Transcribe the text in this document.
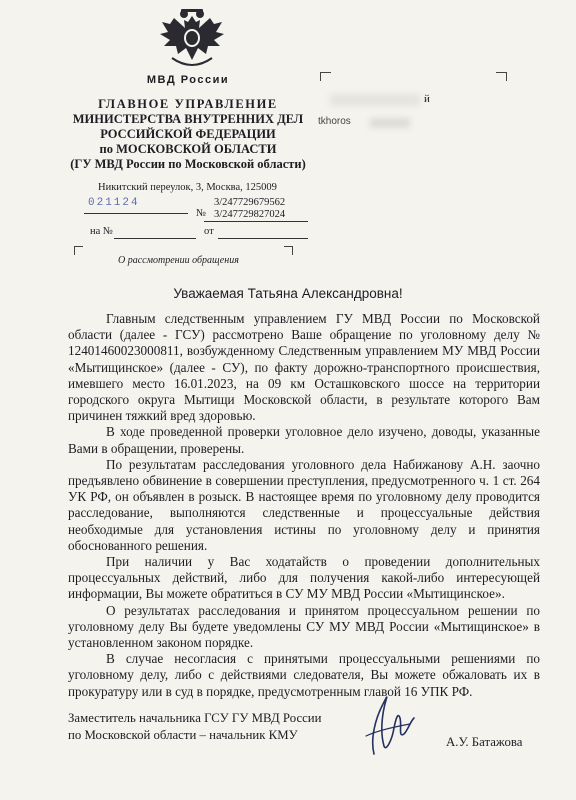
МВД России
ГЛАВНОЕ УПРАВЛЕНИЕ
МИНИСТЕРСТВА ВНУТРЕННИХ ДЕЛ
РОССИЙСКОЙ ФЕДЕРАЦИИ
по МОСКОВСКОЙ ОБЛАСТИ
(ГУ МВД России по Московской области)
Никитский переулок, 3, Москва, 125009
021124	3/247729679562
№ 3/247729827024
на №	от
О рассмотрении обращения
й
tkhoros
Уважаемая Татьяна Александровна!

Главным следственным управлением ГУ МВД России по Московской области (далее - ГСУ) рассмотрено Ваше обращение по уголовному делу № 12401460023000811, возбужденному Следственным управлением МУ МВД России «Мытищинское» (далее - СУ), по факту дорожно-транспортного происшествия, имевшего место 16.01.2023, на 09 км Осташковского шоссе на территории городского округа Мытищи Московской области, в результате которого Вам причинен тяжкий вред здоровью.

В ходе проведенной проверки уголовное дело изучено, доводы, указанные Вами в обращении, проверены.

По результатам расследования уголовного дела Набижанову А.Н. заочно предъявлено обвинение в совершении преступления, предусмотренного ч. 1 ст. 264 УК РФ, он объявлен в розыск. В настоящее время по уголовному делу проводится расследование, выполняются следственные и процессуальные действия необходимые для установления истины по уголовному делу и принятия обоснованного решения.

При наличии у Вас ходатайств о проведении дополнительных процессуальных действий, либо для получения какой-либо интересующей информации, Вы можете обратиться в СУ МУ МВД России «Мытищинское».

О результатах расследования и принятом процессуальном решении по уголовному делу Вы будете уведомлены СУ МУ МВД России «Мытищинское» в установленном законом порядке.

В случае несогласия с принятыми процессуальными решениями по уголовному делу, либо с действиями следователя, Вы можете обжаловать их в прокуратуру или в суд в порядке, предусмотренным главой 16 УПК РФ.

Заместитель начальника ГСУ ГУ МВД России
по Московской области – начальник КМУ	А.У. Батажова
